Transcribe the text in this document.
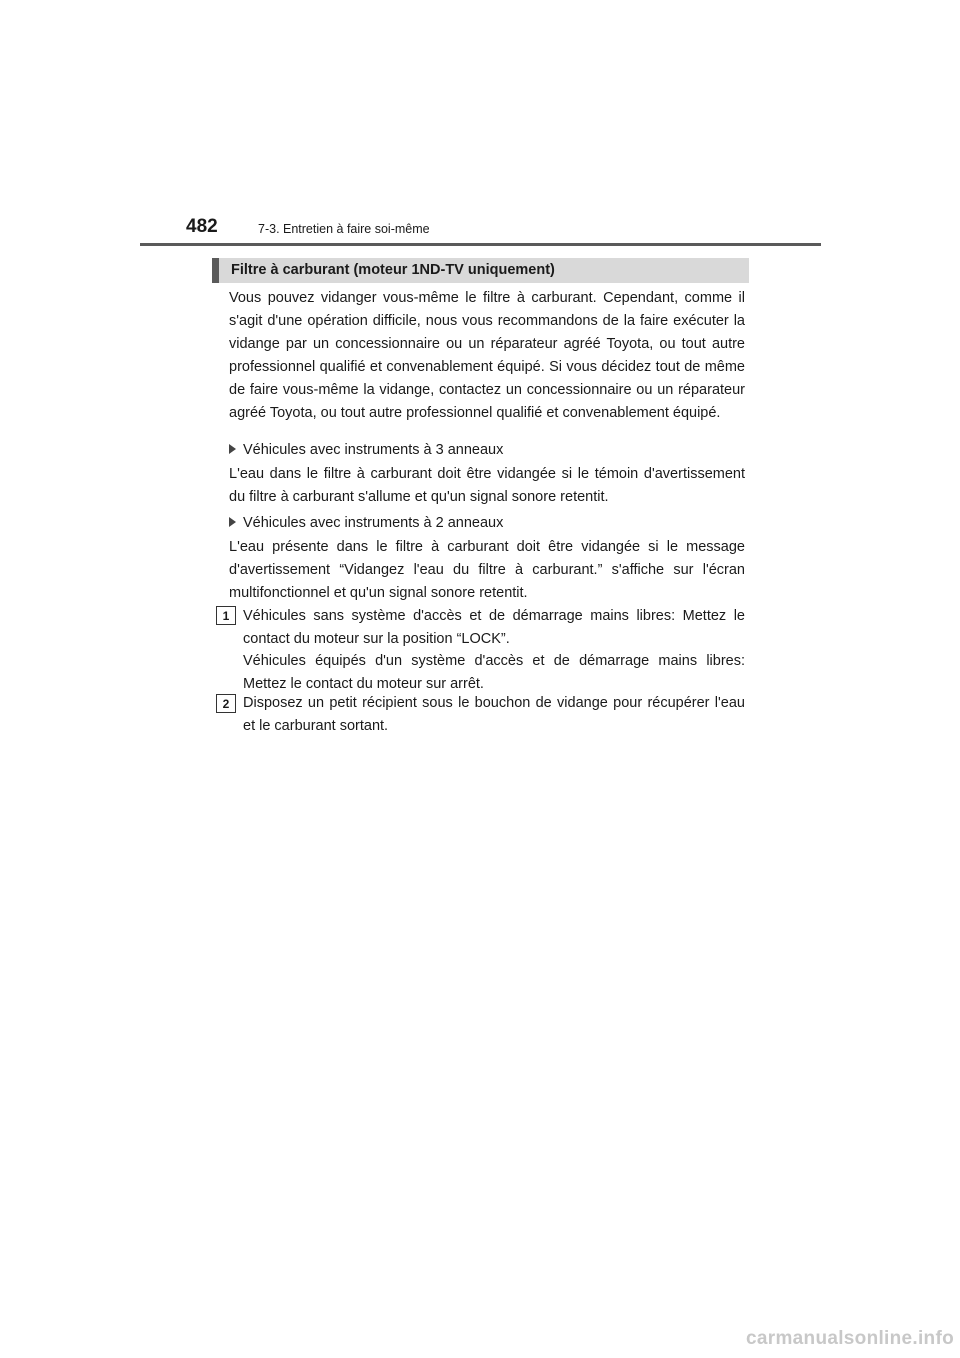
482	7-3. Entretien à faire soi-même
Filtre à carburant (moteur 1ND-TV uniquement)

Vous pouvez vidanger vous-même le filtre à carburant. Cependant, comme il s'agit d'une opération difficile, nous vous recommandons de la faire exécuter la vidange par un concessionnaire ou un réparateur agréé Toyota, ou tout autre professionnel qualifié et convenablement équipé. Si vous décidez tout de même de faire vous-même la vidange, contactez un concessionnaire ou un réparateur agréé Toyota, ou tout autre professionnel qualifié et convenablement équipé.

Véhicules avec instruments à 3 anneaux

L'eau dans le filtre à carburant doit être vidangée si le témoin d'avertissement du filtre à carburant s'allume et qu'un signal sonore retentit.

Véhicules avec instruments à 2 anneaux

L'eau présente dans le filtre à carburant doit être vidangée si le message d'avertissement “Vidangez l'eau du filtre à carburant.” s'affiche sur l'écran multifonctionnel et qu'un signal sonore retentit.

1 Véhicules sans système d'accès et de démarrage mains libres: Mettez le contact du moteur sur la position “LOCK”.

Véhicules équipés d'un système d'accès et de démarrage mains libres: Mettez le contact du moteur sur arrêt.

2 Disposez un petit récipient sous le bouchon de vidange pour récupérer l'eau et le carburant sortant.

carmanualsonline.info
